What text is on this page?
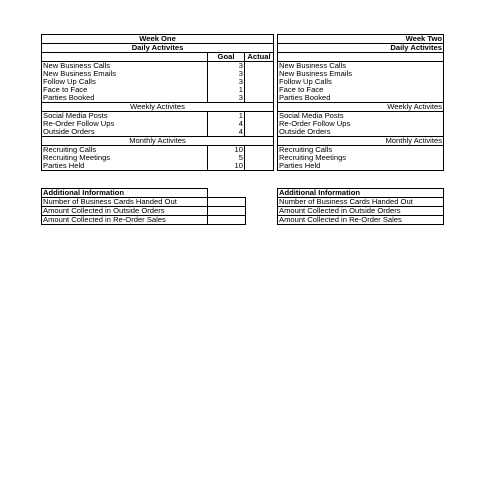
Week One		
Daily Activites		
	Goal	Actual
New Business Calls	3	
New Business Emails	3	
Follow Up Calls	3	
Face to Face	1	
Parties Booked	3	
Weekly Activites		
Social Media Posts	1	
Re-Order Follow Ups	4	
Outside Orders	4	
Monthly Activites		
Recruiting Calls	10	
Recruiting Meetings	5	
Parties Held	10	
Week Two
Daily Activites

New Business Calls
New Business Emails
Follow Up Calls
Face to Face
Parties Booked
Weekly Activites
Social Media Posts
Re-Order Follow Ups
Outside Orders
Monthly Activites
Recruiting Calls
Recruiting Meetings
Parties Held
Additional Information	
Number of Business Cards Handed Out	
Amount Collected in Outside Orders	
Amount Collected in Re-Order Sales	
Additional Information
Number of Business Cards Handed Out
Amount Collected in Outside Orders
Amount Collected in Re-Order Sales
